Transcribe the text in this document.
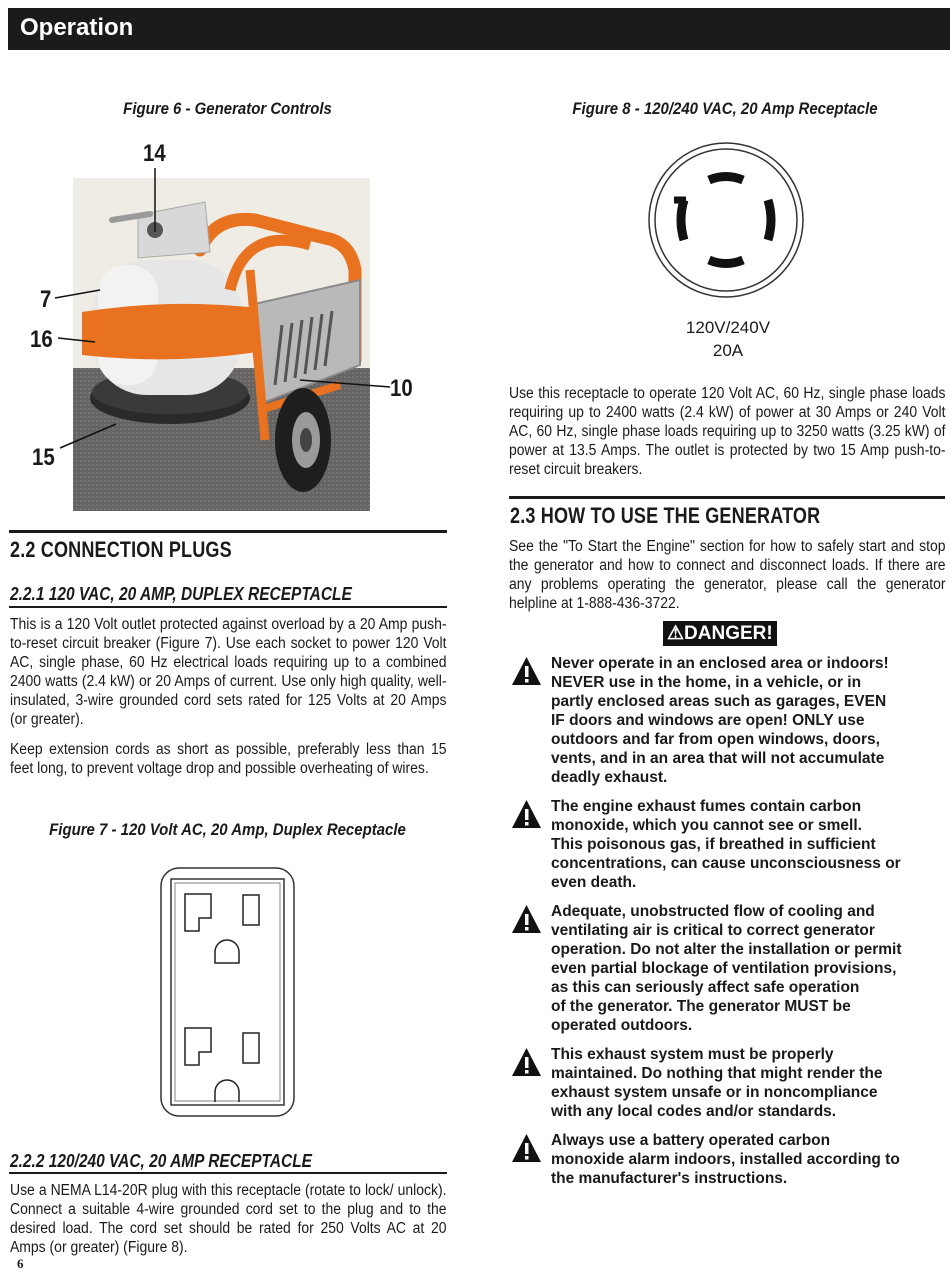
Operation
Figure 6 - Generator Controls
14
7
16
10
15
2.2 CONNECTION PLUGS
2.2.1 120 VAC, 20 AMP, DUPLEX RECEPTACLE
This is a 120 Volt outlet protected against overload by a 20 Amp push-to-reset circuit breaker (Figure 7). Use each socket to power 120 Volt AC, single phase, 60 Hz electrical loads requiring up to a combined 2400 watts (2.4 kW) or 20 Amps of current. Use only high quality, well-insulated, 3-wire grounded cord sets rated for 125 Volts at 20 Amps (or greater).
Keep extension cords as short as possible, preferably less than 15 feet long, to prevent voltage drop and possible overheating of wires.
Figure 7 - 120 Volt AC, 20 Amp, Duplex Receptacle
2.2.2 120/240 VAC, 20 AMP RECEPTACLE
Use a NEMA L14-20R plug with this receptacle (rotate to lock/ unlock). Connect a suitable 4-wire grounded cord set to the plug and to the desired load. The cord set should be rated for 250 Volts AC at 20 Amps (or greater) (Figure 8).
6
Figure 8 - 120/240 VAC, 20 Amp Receptacle
120V/240V
20A
Use this receptacle to operate 120 Volt AC, 60 Hz, single phase loads requiring up to 2400 watts (2.4 kW) of power at 30 Amps or 240 Volt AC, 60 Hz, single phase loads requiring up to 3250 watts (3.25 kW) of power at 13.5 Amps. The outlet is protected by two 15 Amp push-to-reset circuit breakers.
2.3 HOW TO USE THE GENERATOR
See the "To Start the Engine" section for how to safely start and stop the generator and how to connect and disconnect loads. If there are any problems operating the generator, please call the generator helpline at 1-888-436-3722.
⚠DANGER!
Never operate in an enclosed area or indoors!
NEVER use in the home, in a vehicle, or in
partly enclosed areas such as garages, EVEN
IF doors and windows are open! ONLY use
outdoors and far from open windows, doors,
vents, and in an area that will not accumulate
deadly exhaust.
The engine exhaust fumes contain carbon
monoxide, which you cannot see or smell.
This poisonous gas, if breathed in sufficient
concentrations, can cause unconsciousness or
even death.
Adequate, unobstructed flow of cooling and
ventilating air is critical to correct generator
operation. Do not alter the installation or permit
even partial blockage of ventilation provisions,
as this can seriously affect safe operation
of the generator. The generator MUST be
operated outdoors.
This exhaust system must be properly
maintained. Do nothing that might render the
exhaust system unsafe or in noncompliance
with any local codes and/or standards.
Always use a battery operated carbon
monoxide alarm indoors, installed according to
the manufacturer's instructions.
